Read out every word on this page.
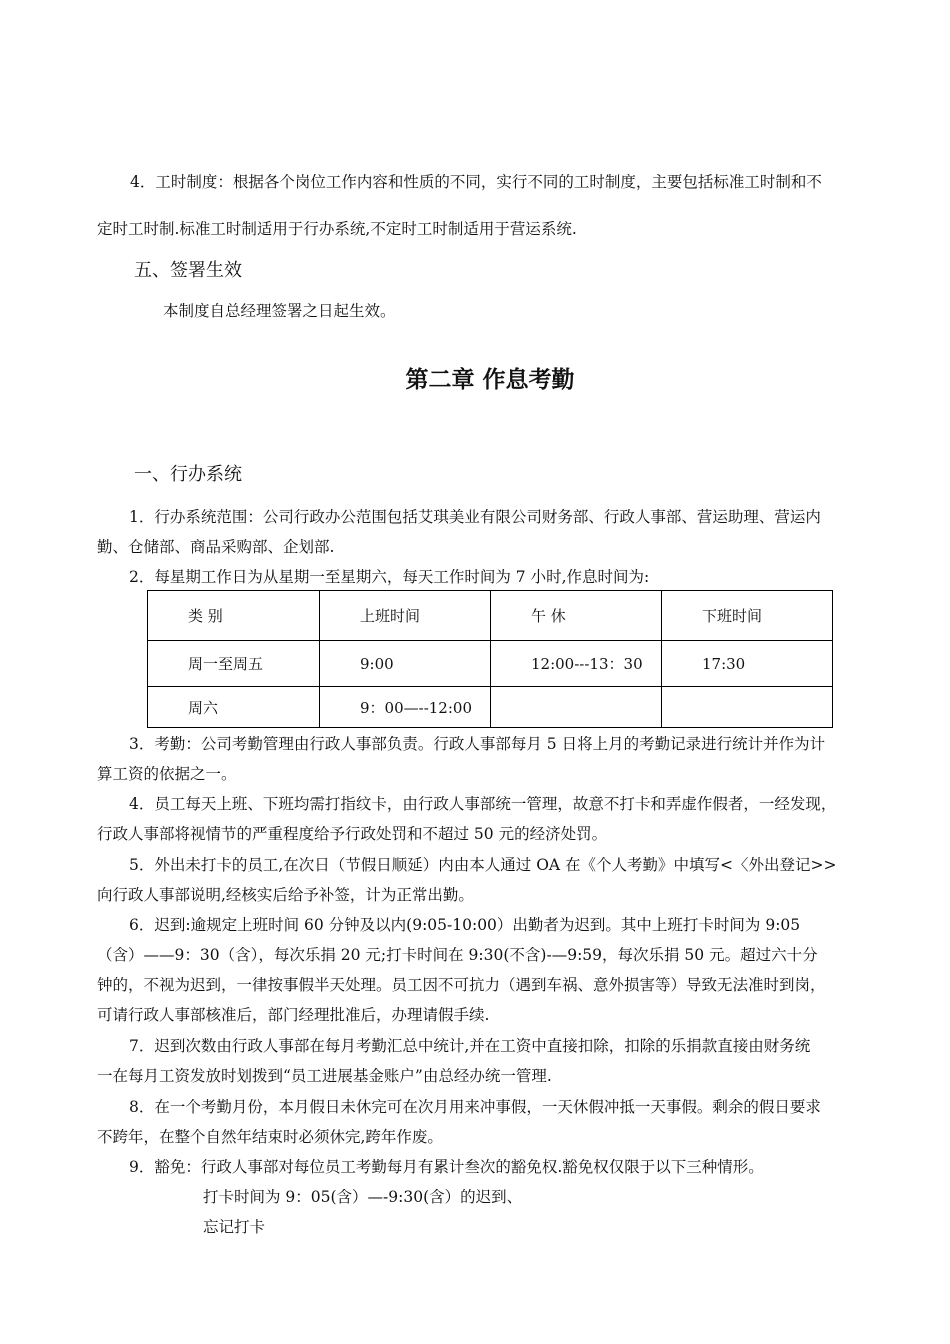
4．工时制度：根据各个岗位工作内容和性质的不同，实行不同的工时制度，主要包括标准工时制和不

定时工时制.标准工时制适用于行办系统,不定时工时制适用于营运系统.

五、签署生效

本制度自总经理签署之日起生效。

第二章 作息考勤
一、行办系统

1．行办系统范围：公司行政办公范围包括艾琪美业有限公司财务部、行政人事部、营运助理、营运内

勤、仓储部、商品采购部、企划部.

2．每星期工作日为从星期一至星期六，每天工作时间为 7 小时,作息时间为:

类 别	上班时间	午 休	下班时间
周一至周五	9:00	12:00---13：30	17:30
周六	9：00—--12:00		

3．考勤：公司考勤管理由行政人事部负责。行政人事部每月 5 日将上月的考勤记录进行统计并作为计

算工资的依据之一。

4．员工每天上班、下班均需打指纹卡，由行政人事部统一管理，故意不打卡和弄虚作假者，一经发现，

行政人事部将视情节的严重程度给予行政处罚和不超过 50 元的经济处罚。

5．外出未打卡的员工,在次日（节假日顺延）内由本人通过 OA 在《个人考勤》中填写<〈外出登记>>

向行政人事部说明,经核实后给予补签，计为正常出勤。

6．迟到:逾规定上班时间 60 分钟及以内(9:05-10:00）出勤者为迟到。其中上班打卡时间为 9:05

（含）——9：30（含），每次乐捐 20 元;打卡时间在 9:30(不含)-—9:59，每次乐捐 50 元。超过六十分

钟的，不视为迟到，一律按事假半天处理。员工因不可抗力（遇到车祸、意外损害等）导致无法准时到岗，

可请行政人事部核准后，部门经理批准后，办理请假手续.

7．迟到次数由行政人事部在每月考勤汇总中统计,并在工资中直接扣除，扣除的乐捐款直接由财务统

一在每月工资发放时划拨到“员工进展基金账户”由总经办统一管理.

8．在一个考勤月份，本月假日未休完可在次月用来冲事假，一天休假冲抵一天事假。剩余的假日要求

不跨年，在整个自然年结束时必须休完,跨年作废。

9．豁免：行政人事部对每位员工考勤每月有累计叁次的豁免权.豁免权仅限于以下三种情形。

打卡时间为 9：05(含）—-9:30(含）的迟到、

忘记打卡
